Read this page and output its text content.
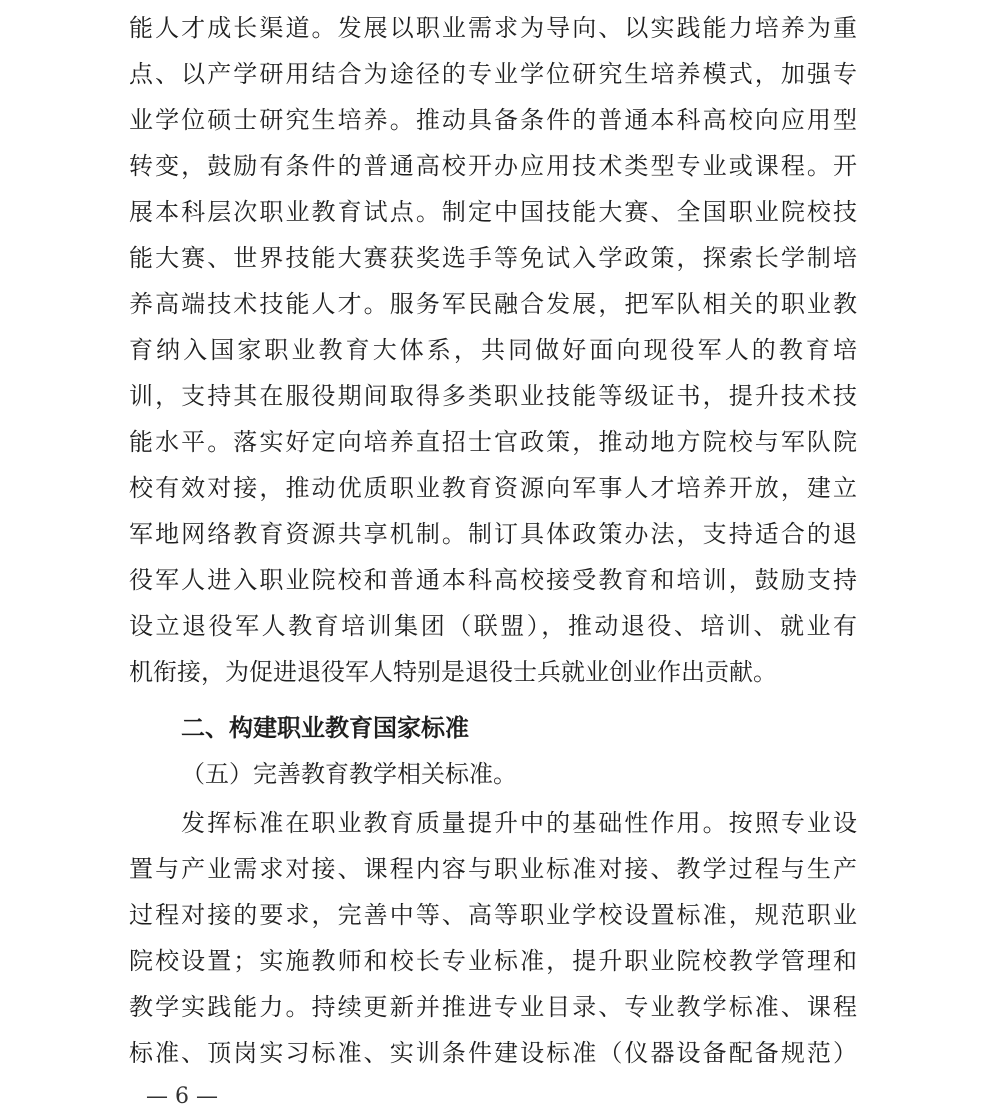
能人才成长渠道。发展以职业需求为导向、以实践能力培养为重
点、以产学研用结合为途径的专业学位研究生培养模式，加强专
业学位硕士研究生培养。推动具备条件的普通本科高校向应用型
转变，鼓励有条件的普通高校开办应用技术类型专业或课程。开
展本科层次职业教育试点。制定中国技能大赛、全国职业院校技
能大赛、世界技能大赛获奖选手等免试入学政策，探索长学制培
养高端技术技能人才。服务军民融合发展，把军队相关的职业教
育纳入国家职业教育大体系，共同做好面向现役军人的教育培
训，支持其在服役期间取得多类职业技能等级证书，提升技术技
能水平。落实好定向培养直招士官政策，推动地方院校与军队院
校有效对接，推动优质职业教育资源向军事人才培养开放，建立
军地网络教育资源共享机制。制订具体政策办法，支持适合的退
役军人进入职业院校和普通本科高校接受教育和培训，鼓励支持
设立退役军人教育培训集团（联盟），推动退役、培训、就业有
机衔接，为促进退役军人特别是退役士兵就业创业作出贡献。
二、构建职业教育国家标准
（五）完善教育教学相关标准。
发挥标准在职业教育质量提升中的基础性作用。按照专业设
置与产业需求对接、课程内容与职业标准对接、教学过程与生产
过程对接的要求，完善中等、高等职业学校设置标准，规范职业
院校设置；实施教师和校长专业标准，提升职业院校教学管理和
教学实践能力。持续更新并推进专业目录、专业教学标准、课程
标准、顶岗实习标准、实训条件建设标准（仪器设备配备规范）
— 6 —
